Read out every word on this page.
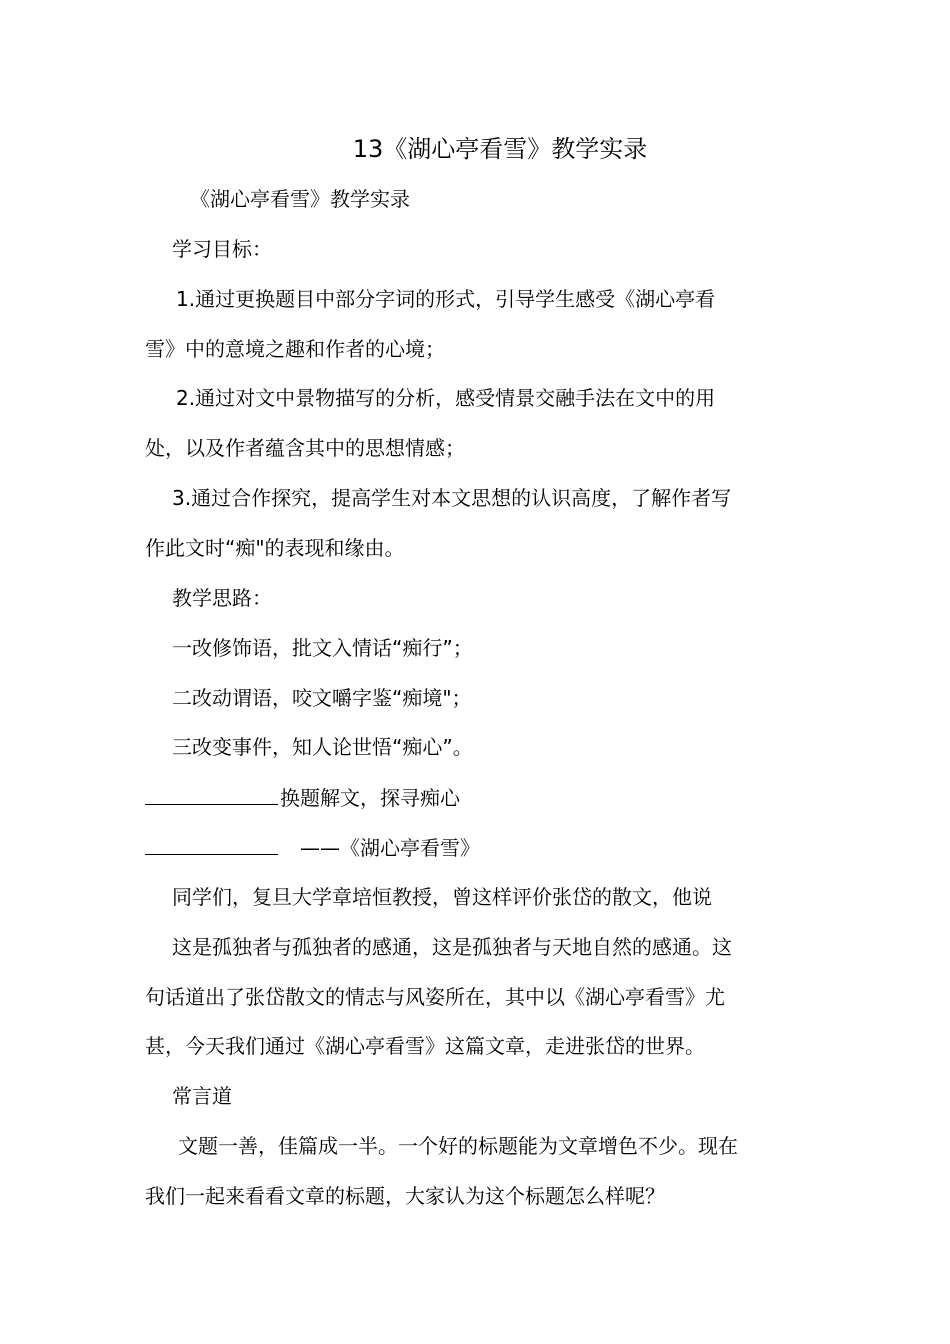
13《湖心亭看雪》教学实录
《湖心亭看雪》教学实录
学习目标：
1.通过更换题目中部分字词的形式，引导学生感受《湖心亭看
雪》中的意境之趣和作者的心境；
2.通过对文中景物描写的分析，感受情景交融手法在文中的用
处，以及作者蕴含其中的思想情感；
3.通过合作探究，提高学生对本文思想的认识高度，了解作者写
作此文时“痴"的表现和缘由。
教学思路：
一改修饰语，批文入情话“痴行”；
二改动谓语，咬文嚼字鉴“痴境"；
三改变事件，知人论世悟“痴心”。
换题解文，探寻痴心
——《湖心亭看雪》
同学们，复旦大学章培恒教授，曾这样评价张岱的散文，他说
这是孤独者与孤独者的感通，这是孤独者与天地自然的感通。这
句话道出了张岱散文的情志与风姿所在，其中以《湖心亭看雪》尤
甚，今天我们通过《湖心亭看雪》这篇文章，走进张岱的世界。
常言道
文题一善，佳篇成一半。一个好的标题能为文章增色不少。现在
我们一起来看看文章的标题，大家认为这个标题怎么样呢？
